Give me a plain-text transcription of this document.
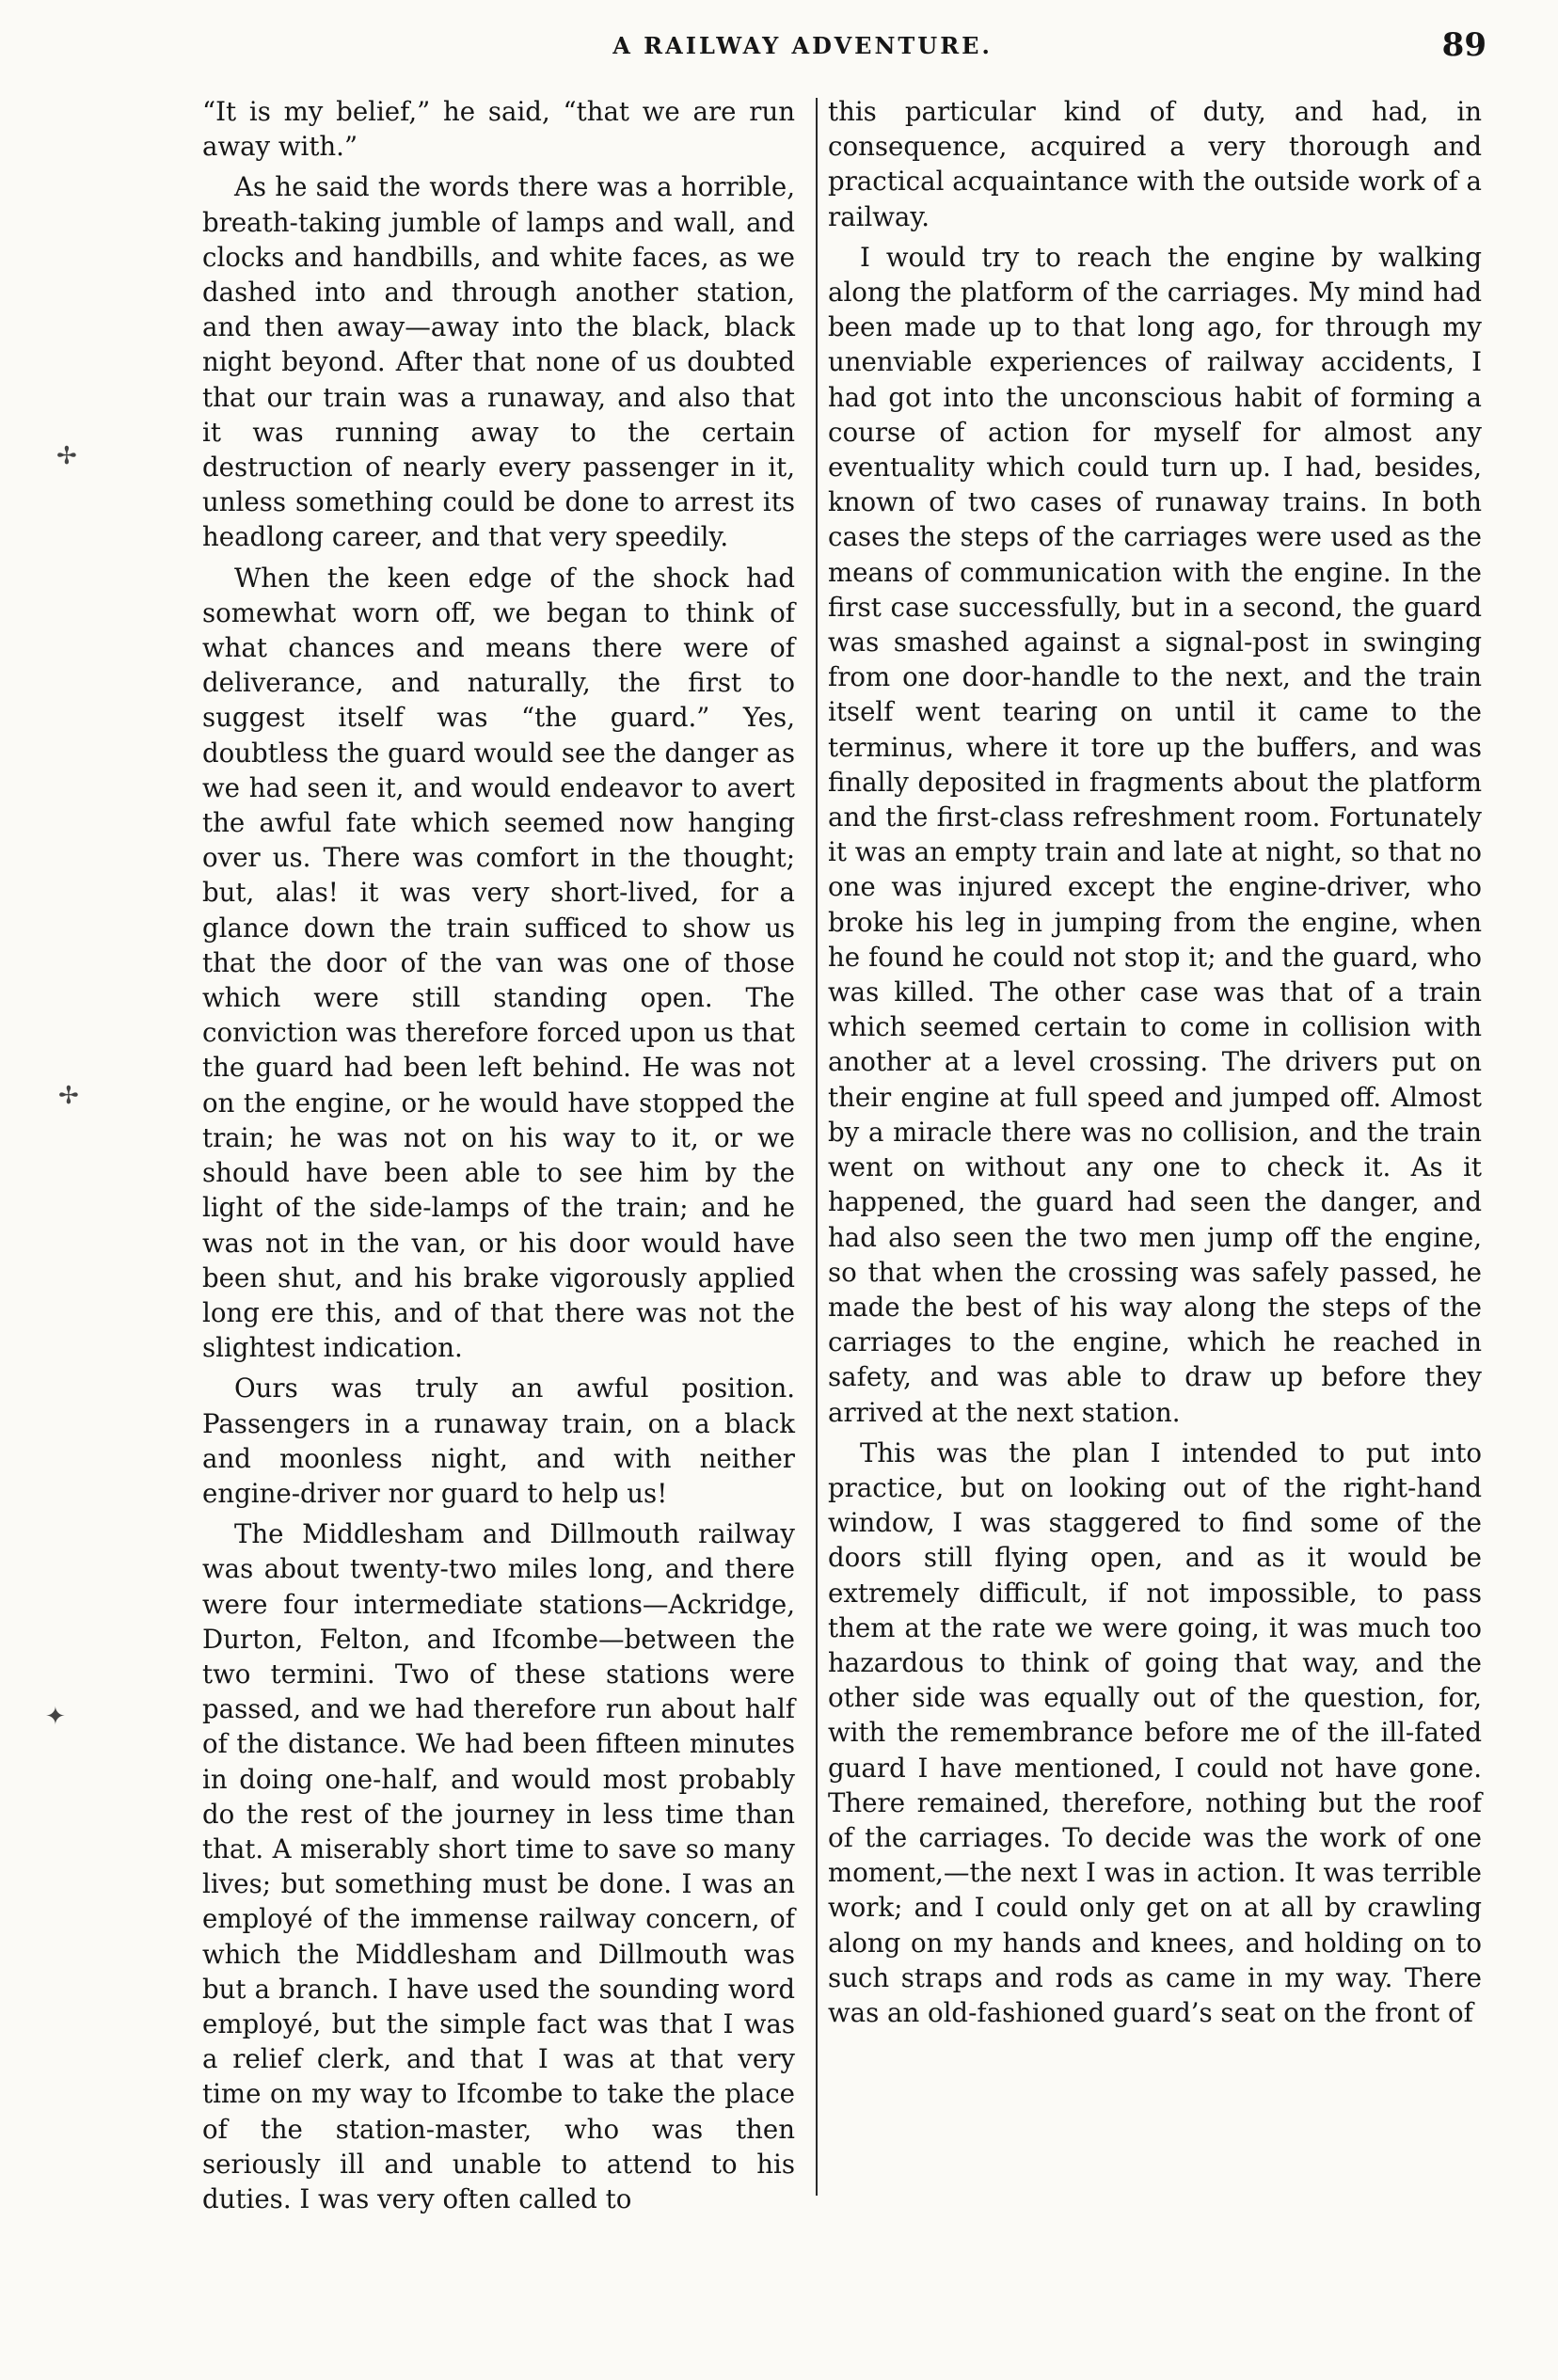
A RAILWAY ADVENTURE.	89
✢
✢
✦

“It is my belief,” he said, “that we are run away with.”

As he said the words there was a horrible, breath-taking jumble of lamps and wall, and clocks and handbills, and white faces, as we dashed into and through another station, and then away—away into the black, black night beyond. After that none of us doubted that our train was a runaway, and also that it was running away to the certain destruction of nearly every passenger in it, unless something could be done to arrest its headlong career, and that very speedily.

When the keen edge of the shock had somewhat worn off, we began to think of what chances and means there were of deliverance, and naturally, the first to suggest itself was “the guard.” Yes, doubtless the guard would see the danger as we had seen it, and would endeavor to avert the awful fate which seemed now hanging over us. There was comfort in the thought; but, alas! it was very short-lived, for a glance down the train sufficed to show us that the door of the van was one of those which were still standing open. The conviction was therefore forced upon us that the guard had been left behind. He was not on the engine, or he would have stopped the train; he was not on his way to it, or we should have been able to see him by the light of the side-lamps of the train; and he was not in the van, or his door would have been shut, and his brake vigorously applied long ere this, and of that there was not the slightest indication.

Ours was truly an awful position. Passengers in a runaway train, on a black and moonless night, and with neither engine-driver nor guard to help us!

The Middlesham and Dillmouth railway was about twenty-two miles long, and there were four intermediate stations—Ackridge, Durton, Felton, and Ifcombe—between the two termini. Two of these stations were passed, and we had therefore run about half of the distance. We had been fifteen minutes in doing one-half, and would most probably do the rest of the journey in less time than that. A miserably short time to save so many lives; but something must be done. I was an employé of the immense railway concern, of which the Middlesham and Dillmouth was but a branch. I have used the sounding word employé, but the simple fact was that I was a relief clerk, and that I was at that very time on my way to Ifcombe to take the place of the station-master, who was then seriously ill and unable to attend to his duties. I was very often called to

this particular kind of duty, and had, in consequence, acquired a very thorough and practical acquaintance with the outside work of a railway.

I would try to reach the engine by walking along the platform of the carriages. My mind had been made up to that long ago, for through my unenviable experiences of railway accidents, I had got into the unconscious habit of forming a course of action for myself for almost any eventuality which could turn up. I had, besides, known of two cases of runaway trains. In both cases the steps of the carriages were used as the means of communication with the engine. In the first case successfully, but in a second, the guard was smashed against a signal-post in swinging from one door-handle to the next, and the train itself went tearing on until it came to the terminus, where it tore up the buffers, and was finally deposited in fragments about the platform and the first-class refreshment room. Fortunately it was an empty train and late at night, so that no one was injured except the engine-driver, who broke his leg in jumping from the engine, when he found he could not stop it; and the guard, who was killed. The other case was that of a train which seemed certain to come in collision with another at a level crossing. The drivers put on their engine at full speed and jumped off. Almost by a miracle there was no collision, and the train went on without any one to check it. As it happened, the guard had seen the danger, and had also seen the two men jump off the engine, so that when the crossing was safely passed, he made the best of his way along the steps of the carriages to the engine, which he reached in safety, and was able to draw up before they arrived at the next station.

This was the plan I intended to put into practice, but on looking out of the right-hand window, I was staggered to find some of the doors still flying open, and as it would be extremely difficult, if not impossible, to pass them at the rate we were going, it was much too hazardous to think of going that way, and the other side was equally out of the question, for, with the remembrance before me of the ill-fated guard I have mentioned, I could not have gone. There remained, therefore, nothing but the roof of the carriages. To decide was the work of one moment,—the next I was in action. It was terrible work; and I could only get on at all by crawling along on my hands and knees, and holding on to such straps and rods as came in my way. There was an old-fashioned guard’s seat on the front of
